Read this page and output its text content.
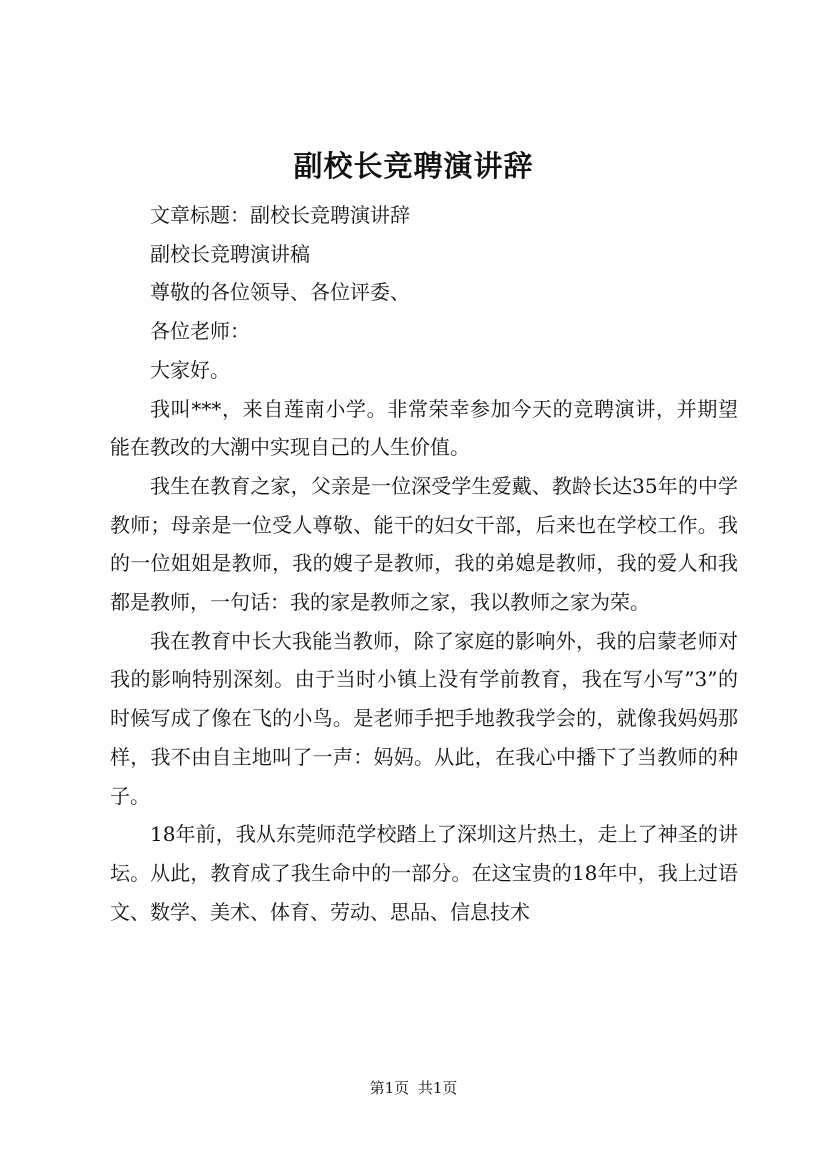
副校长竞聘演讲辞

文章标题：副校长竞聘演讲辞

副校长竞聘演讲稿

尊敬的各位领导、各位评委、

各位老师：

大家好。

我叫***，来自莲南小学。非常荣幸参加今天的竞聘演讲，并期望能在教改的大潮中实现自己的人生价值。

我生在教育之家，父亲是一位深受学生爱戴、教龄长达35年的中学教师；母亲是一位受人尊敬、能干的妇女干部，后来也在学校工作。我的一位姐姐是教师，我的嫂子是教师，我的弟媳是教师，我的爱人和我都是教师，一句话：我的家是教师之家，我以教师之家为荣。

我在教育中长大我能当教师，除了家庭的影响外，我的启蒙老师对我的影响特别深刻。由于当时小镇上没有学前教育，我在写小写”3”的时候写成了像在飞的小鸟。是老师手把手地教我学会的，就像我妈妈那样，我不由自主地叫了一声：妈妈。从此，在我心中播下了当教师的种子。

18年前，我从东莞师范学校踏上了深圳这片热土，走上了神圣的讲坛。从此，教育成了我生命中的一部分。在这宝贵的18年中，我上过语文、数学、美术、体育、劳动、思品、信息技术

第1页 共1页
